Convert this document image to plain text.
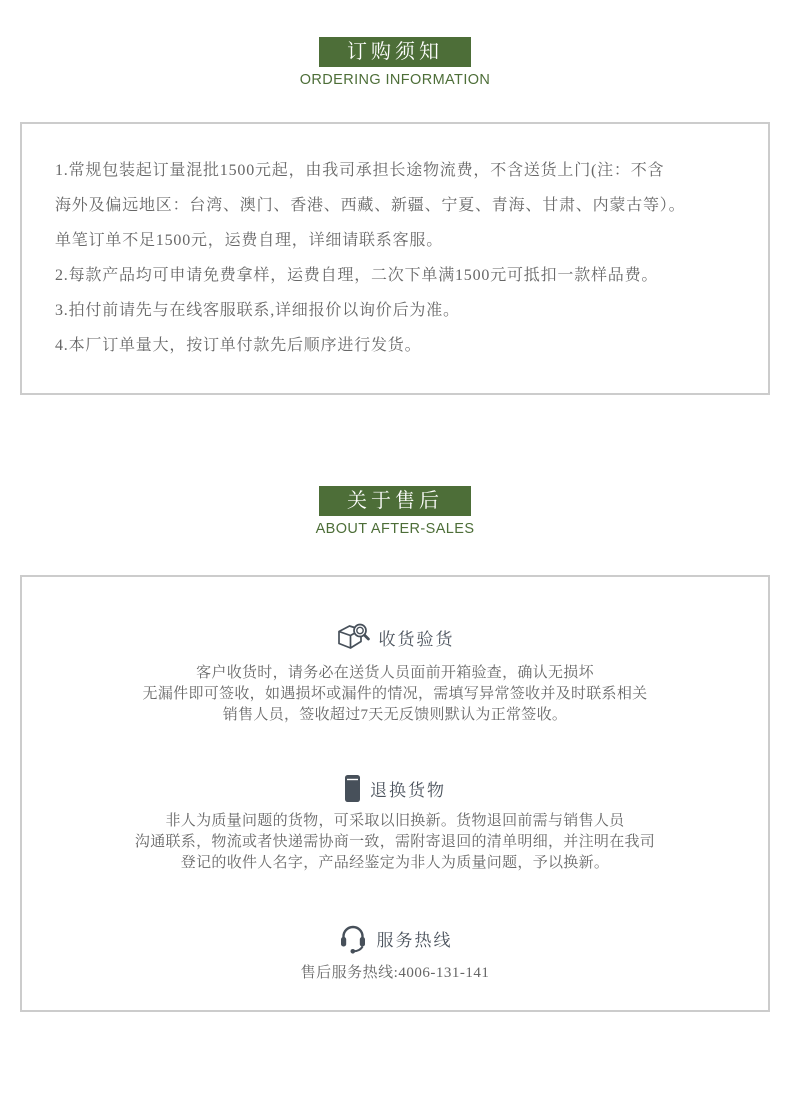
订购须知
ORDERING INFORMATION
1.常规包装起订量混批1500元起，由我司承担长途物流费，不含送货上门(注：不含
海外及偏远地区：台湾、澳门、香港、西藏、新疆、宁夏、青海、甘肃、内蒙古等）。
单笔订单不足1500元，运费自理，详细请联系客服。
2.每款产品均可申请免费拿样，运费自理，二次下单满1500元可抵扣一款样品费。
3.拍付前请先与在线客服联系,详细报价以询价后为准。
4.本厂订单量大，按订单付款先后顺序进行发货。
关于售后
ABOUT AFTER-SALES
收货验货
客户收货时，请务必在送货人员面前开箱验查，确认无损坏
无漏件即可签收，如遇损坏或漏件的情况，需填写异常签收并及时联系相关
销售人员，签收超过7天无反馈则默认为正常签收。
退换货物
非人为质量问题的货物，可采取以旧换新。货物退回前需与销售人员
沟通联系，物流或者快递需协商一致，需附寄退回的清单明细，并注明在我司
登记的收件人名字，产品经鉴定为非人为质量问题，予以换新。
服务热线
售后服务热线:4006-131-141
